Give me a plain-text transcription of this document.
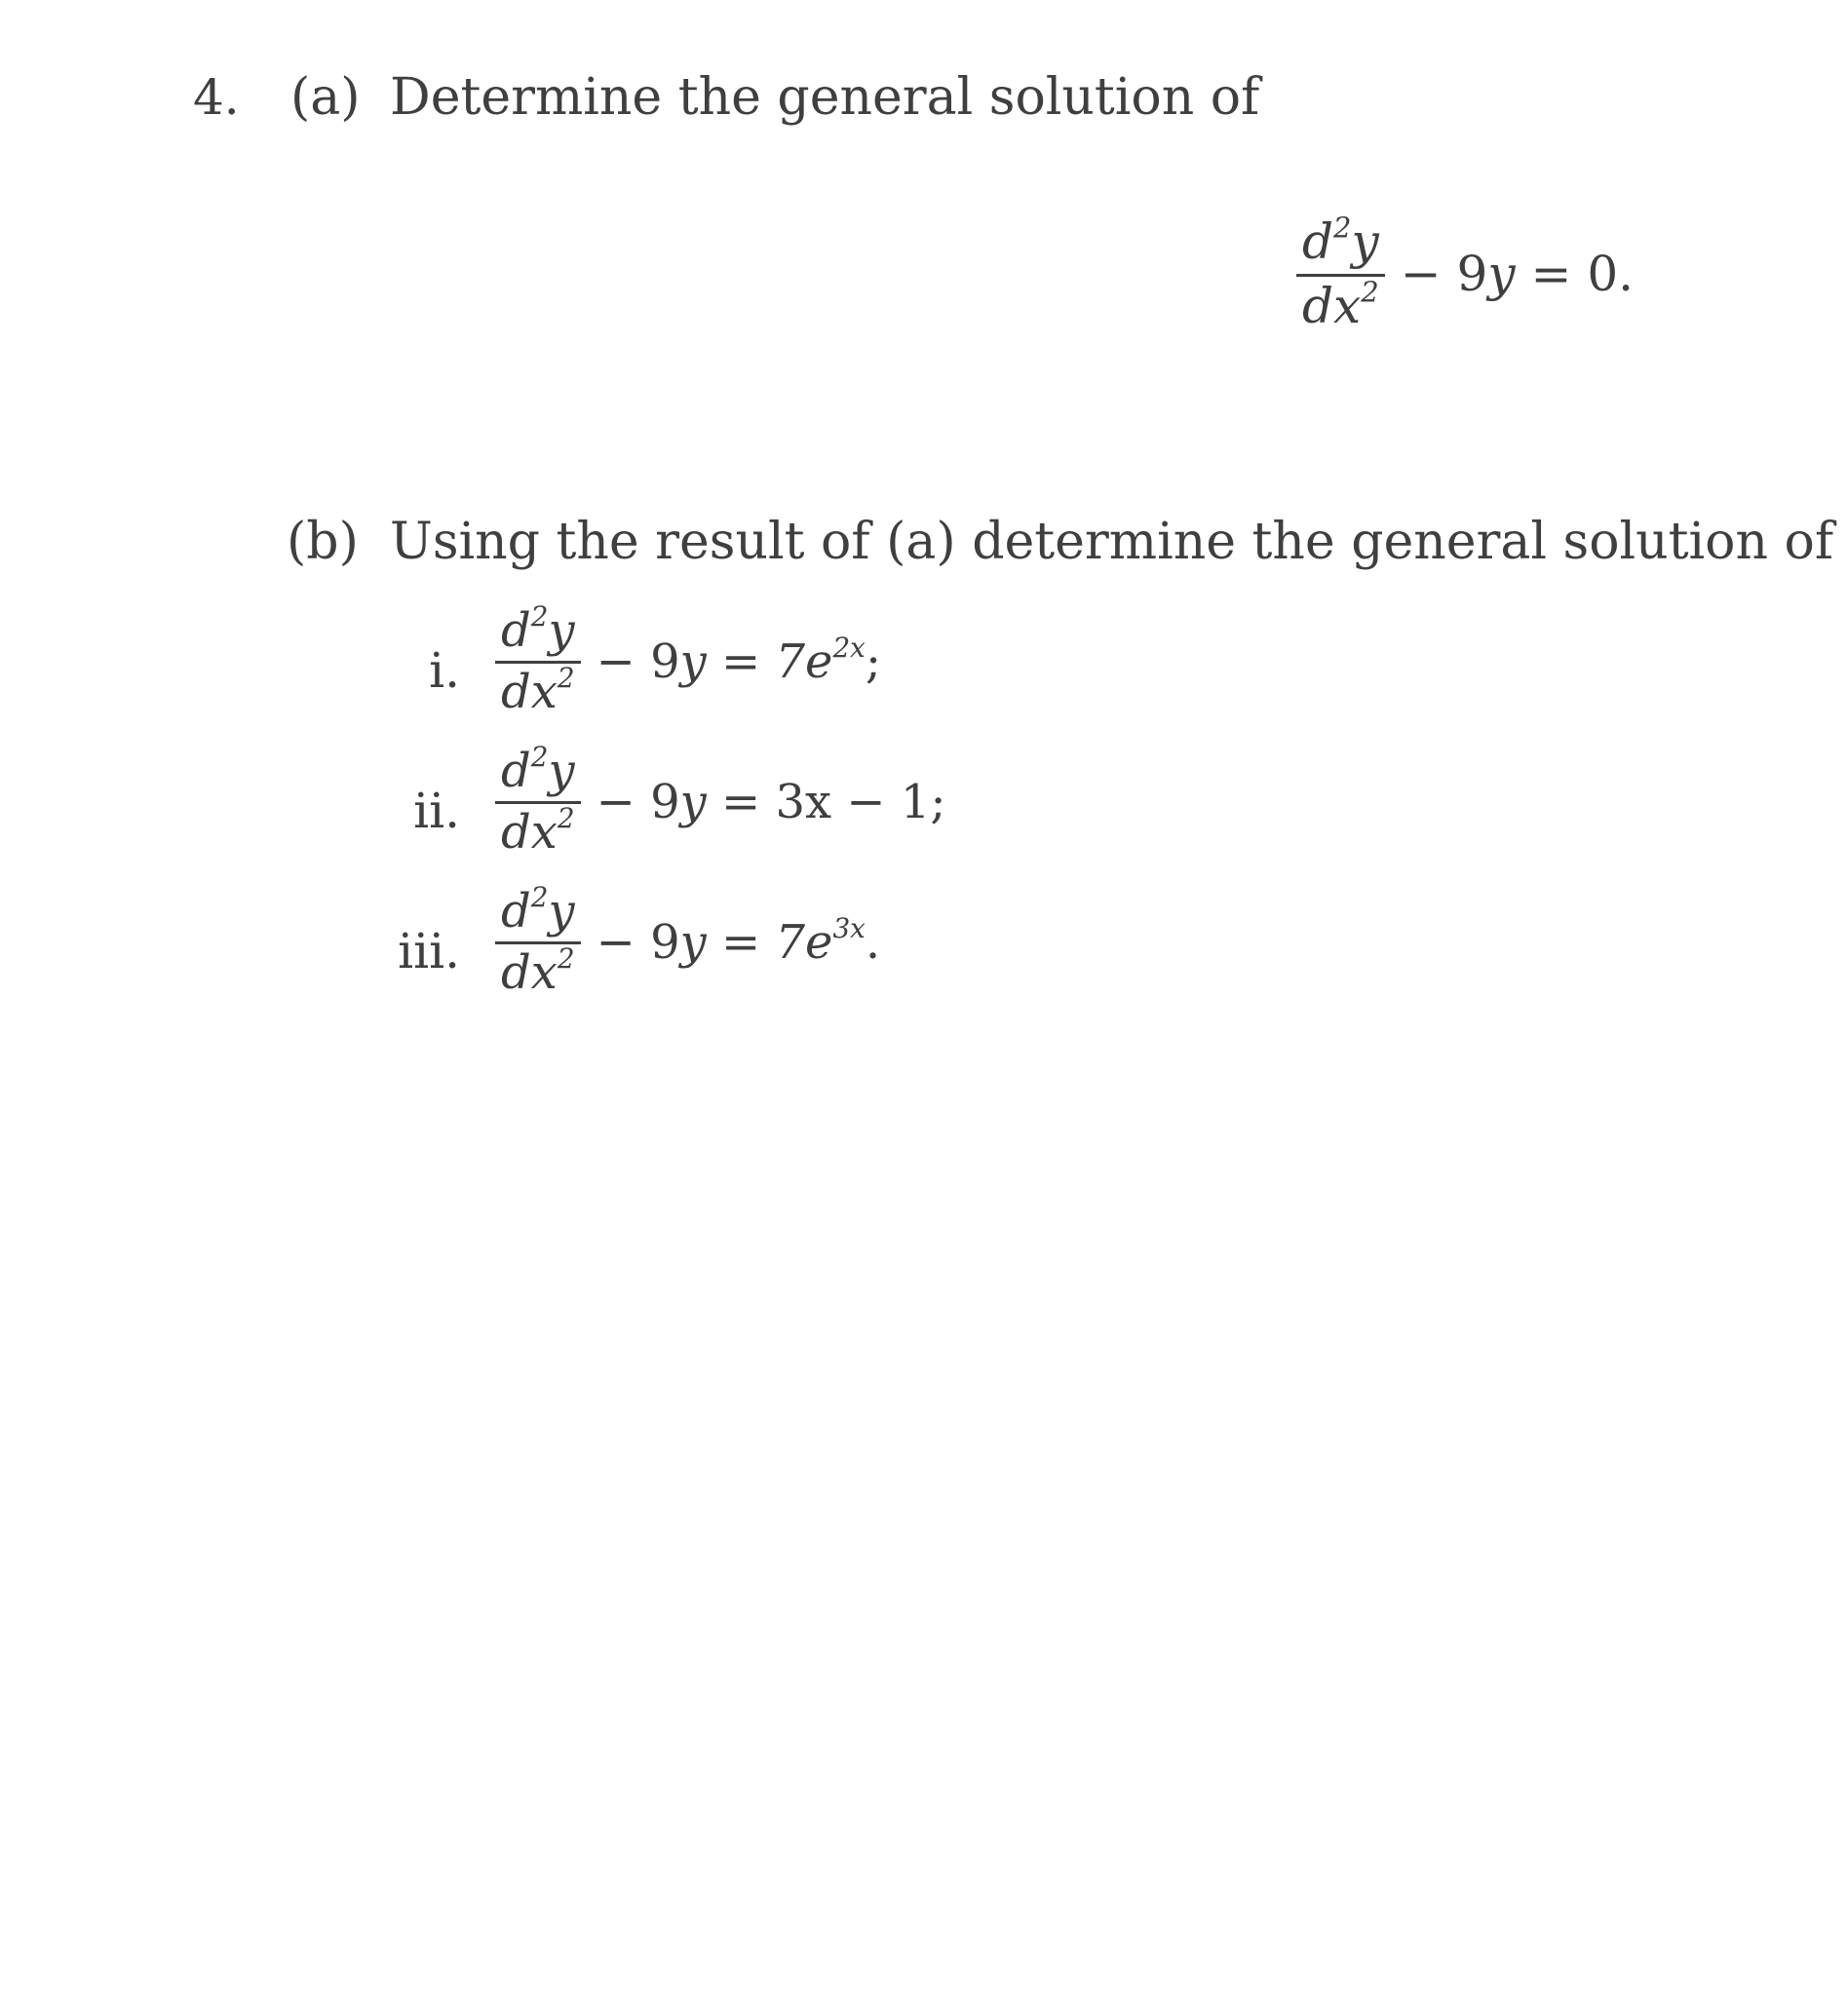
4. (a) Determine the general solution of
$\frac{d^2y}{dx^2} - 9y = 0$.
(b) Using the result of (a) determine the general solution of
i. $\frac{d^2y}{dx^2} - 9y = 7e^{2x}$;
ii. $\frac{d^2y}{dx^2} - 9y = 3x - 1$;
iii. $\frac{d^2y}{dx^2} - 9y = 7e^{3x}$.
